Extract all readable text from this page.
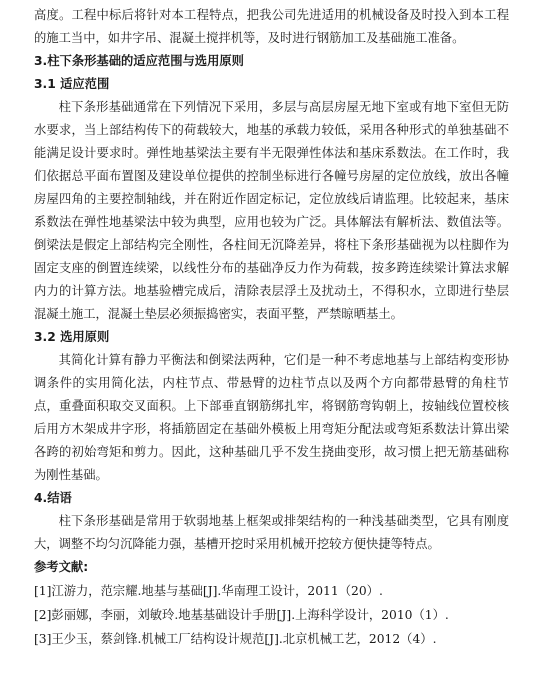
高度。工程中标后将针对本工程特点，把我公司先进适用的机械设备及时投入到本工程的施工当中，如井字吊、混凝土搅拌机等，及时进行钢筋加工及基础施工准备。

3.柱下条形基础的适应范围与选用原则

3.1 适应范围

柱下条形基础通常在下列情况下采用，多层与高层房屋无地下室或有地下室但无防水要求，当上部结构传下的荷载较大，地基的承载力较低，采用各种形式的单独基础不能满足设计要求时。弹性地基梁法主要有半无限弹性体法和基床系数法。在工作时，我们依据总平面布置图及建设单位提供的控制坐标进行各幢号房屋的定位放线，放出各幢房屋四角的主要控制轴线，并在附近作固定标记，定位放线后请监理。比较起来，基床系数法在弹性地基梁法中较为典型，应用也较为广泛。具体解法有解析法、数值法等。倒梁法是假定上部结构完全刚性，各柱间无沉降差异，将柱下条形基础视为以柱脚作为固定支座的倒置连续梁，以线性分布的基础净反力作为荷载，按多跨连续梁计算法求解内力的计算方法。地基验槽完成后，清除表层浮土及扰动土，不得积水，立即进行垫层混凝土施工，混凝土垫层必须振捣密实，表面平整，严禁晾晒基土。

3.2 选用原则

其简化计算有静力平衡法和倒梁法两种，它们是一种不考虑地基与上部结构变形协调条件的实用简化法，内柱节点、带悬臂的边柱节点以及两个方向都带悬臂的角柱节点，重叠面积取交叉面积。上下部垂直钢筋绑扎牢，将钢筋弯钩朝上，按轴线位置校核后用方木架成井字形，将插筋固定在基础外模板上用弯矩分配法或弯矩系数法计算出梁各跨的初始弯矩和剪力。因此，这种基础几乎不发生挠曲变形，故习惯上把无筋基础称为刚性基础。

4.结语

柱下条形基础是常用于软弱地基上框架或排架结构的一种浅基础类型，它具有刚度大，调整不均匀沉降能力强，基槽开挖时采用机械开挖较方便快捷等特点。

参考文献:

[1]江游力，范宗耀.地基与基础[J].华南理工设计，2011（20）.

[2]彭丽娜，李丽，刘敏玲.地基基础设计手册[J].上海科学设计，2010（1）.

[3]王少玉，蔡剑锋.机械工厂结构设计规范[J].北京机械工艺，2012（4）.
